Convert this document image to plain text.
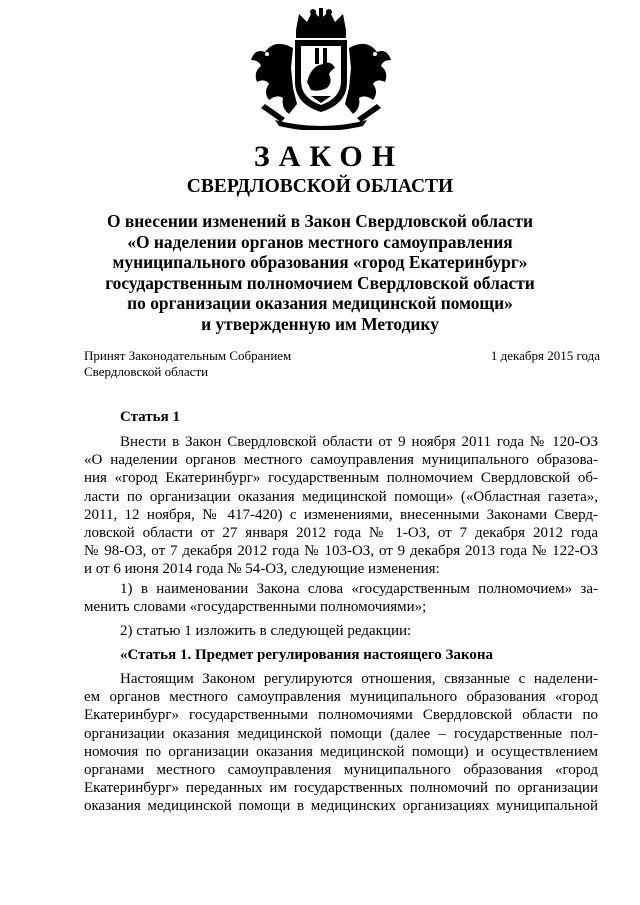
ЗАКОН
СВЕРДЛОВСКОЙ ОБЛАСТИ
О внесении изменений в Закон Свердловской области
«О наделении органов местного самоуправления
муниципального образования «город Екатеринбург»
государственным полномочием Свердловской области
по организации оказания медицинской помощи»
и утвержденную им Методику
Принят Законодательным Собранием
Свердловской области
1 декабря 2015 года
Статья 1
Внести в Закон Свердловской области от 9 ноября 2011 года № 120-ОЗ
«О наделении органов местного самоуправления муниципального образова-
ния «город Екатеринбург» государственным полномочием Свердловской об-
ласти по организации оказания медицинской помощи» («Областная газета»,
2011, 12 ноября, № 417-420) с изменениями, внесенными Законами Сверд-
ловской области от 27 января 2012 года № 1-ОЗ, от 7 декабря 2012 года
№ 98-ОЗ, от 7 декабря 2012 года № 103-ОЗ, от 9 декабря 2013 года № 122-ОЗ
и от 6 июня 2014 года № 54-ОЗ, следующие изменения:
1) в наименовании Закона слова «государственным полномочием» за-
менить словами «государственными полномочиями»;
2) статью 1 изложить в следующей редакции:
«Статья 1. Предмет регулирования настоящего Закона
Настоящим Законом регулируются отношения, связанные с наделени-
ем органов местного самоуправления муниципального образования «город
Екатеринбург» государственными полномочиями Свердловской области по
организации оказания медицинской помощи (далее – государственные пол-
номочия по организации оказания медицинской помощи) и осуществлением
органами местного самоуправления муниципального образования «город
Екатеринбург» переданных им государственных полномочий по организации
оказания медицинской помощи в медицинских организациях муниципальной
